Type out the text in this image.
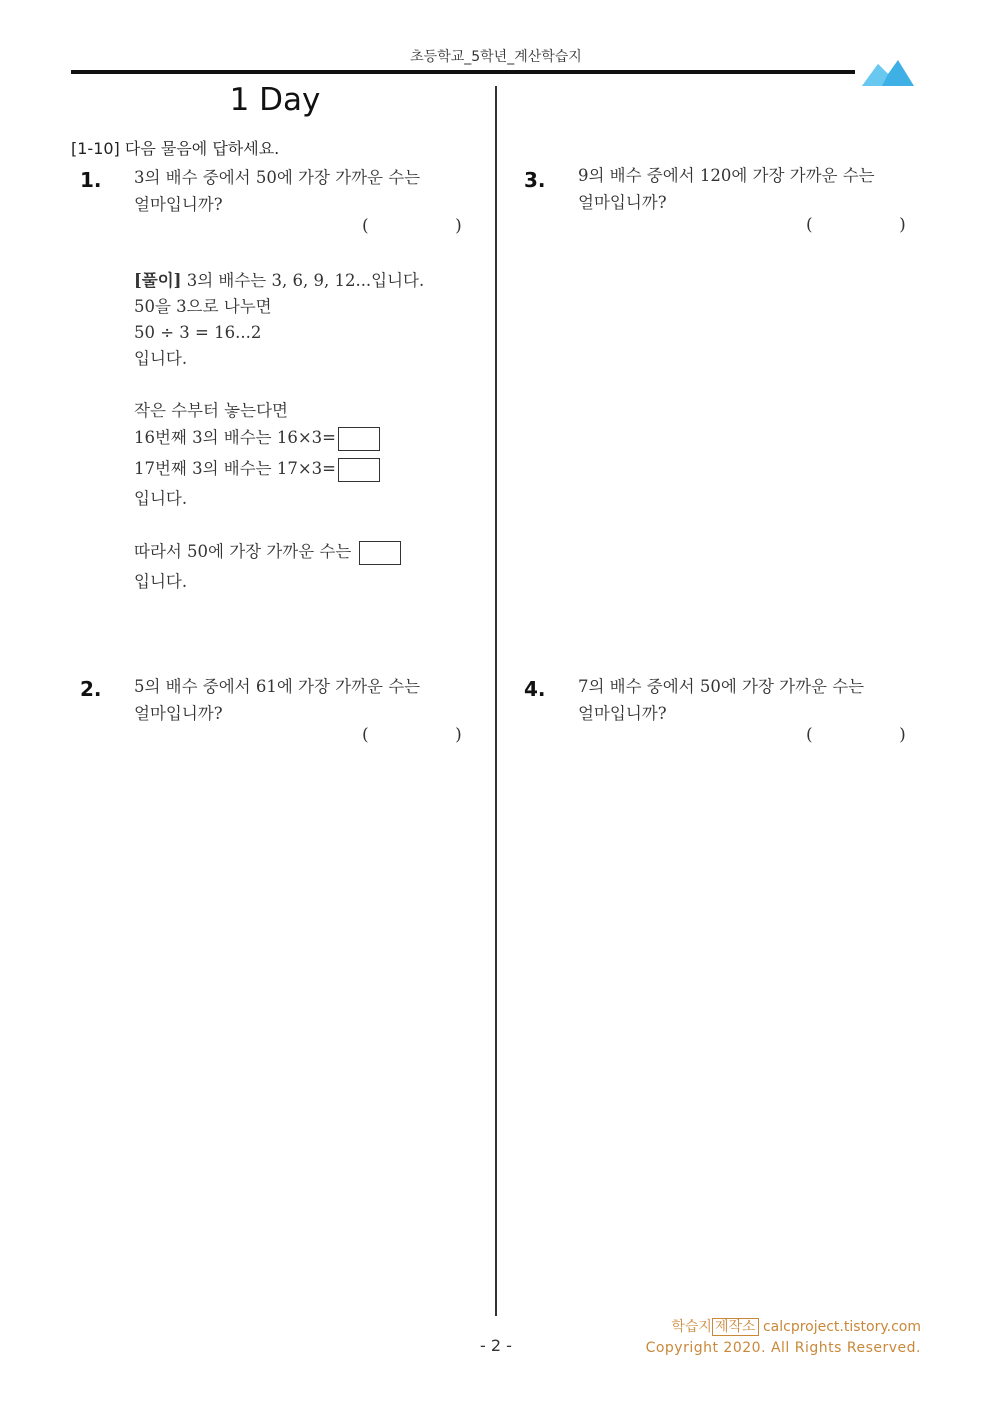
초등학교_5학년_계산학습지
1 Day
[1-10] 다음 물음에 답하세요.
1. 3의 배수 중에서 50에 가장 가까운 수는
얼마입니까?
(                )
[풀이] 3의 배수는 3, 6, 9, 12...입니다.
50을 3으로 나누면
50 ÷ 3 = 16...2
입니다.
작은 수부터 놓는다면
16번째 3의 배수는 16×3=
17번째 3의 배수는 17×3=
입니다.
따라서 50에 가장 가까운 수는
입니다.
2. 5의 배수 중에서 61에 가장 가까운 수는
얼마입니까?
(                )
3. 9의 배수 중에서 120에 가장 가까운 수는
얼마입니까?
(                )
4. 7의 배수 중에서 50에 가장 가까운 수는
얼마입니까?
(                )
- 2 -
학습지 제작소 calcproject.tistory.com
Copyright 2020. All Rights Reserved.
